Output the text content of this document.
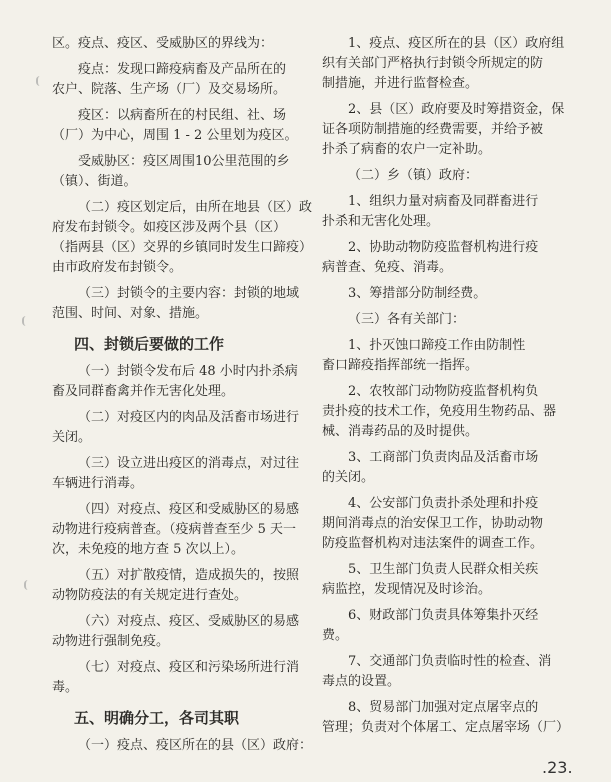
区。疫点、疫区、受威胁区的界线为：

疫点：发现口蹄疫病畜及产品所在的

农户、院落、生产场（厂）及交易场所。

疫区：以病畜所在的村民组、社、场

（厂）为中心，周围 1 - 2 公里划为疫区。

受威胁区：疫区周围10公里范围的乡

（镇）、街道。

（二）疫区划定后，由所在地县（区）政

府发布封锁令。如疫区涉及两个县（区）

（指两县（区）交界的乡镇同时发生口蹄疫）

由市政府发布封锁令。

（三）封锁令的主要内容：封锁的地域

范围、时间、对象、措施。

四、封锁后要做的工作

（一）封锁令发布后 48 小时内扑杀病

畜及同群畜禽并作无害化处理。

（二）对疫区内的肉品及活畜市场进行

关闭。

（三）设立进出疫区的消毒点，对过往

车辆进行消毒。

（四）对疫点、疫区和受威胁区的易感

动物进行疫病普查。（疫病普查至少 5 天一

次，未免疫的地方查 5 次以上）。

（五）对扩散疫情，造成损失的，按照

动物防疫法的有关规定进行查处。

（六）对疫点、疫区、受威胁区的易感

动物进行强制免疫。

（七）对疫点、疫区和污染场所进行消

毒。

五、明确分工，各司其职

（一）疫点、疫区所在的县（区）政府：

1、疫点、疫区所在的县（区）政府组

织有关部门严格执行封锁令所规定的防

制措施，并进行监督检查。

2、县（区）政府要及时筹措资金，保

证各项防制措施的经费需要，并给予被

扑杀了病畜的农户一定补助。

（二）乡（镇）政府：

1、组织力量对病畜及同群畜进行

扑杀和无害化处理。

2、协助动物防疫监督机构进行疫

病普查、免疫、消毒。

3、筹措部分防制经费。

（三）各有关部门：

1、扑灭蚀口蹄疫工作由防制性

畜口蹄疫指挥部统一指挥。

2、农牧部门动物防疫监督机构负

责扑疫的技术工作，免疫用生物药品、器

械、消毒药品的及时提供。

3、工商部门负责肉品及活畜市场

的关闭。

4、公安部门负责扑杀处理和扑疫

期间消毒点的治安保卫工作，协助动物

防疫监督机构对违法案件的调查工作。

5、卫生部门负责人民群众相关疾

病监控，发现情况及时诊治。

6、财政部门负责具体筹集扑灭经

费。

7、交通部门负责临时性的检查、消

毒点的设置。

8、贸易部门加强对定点屠宰点的

管理；负责对个体屠工、定点屠宰场（厂）

.23.
